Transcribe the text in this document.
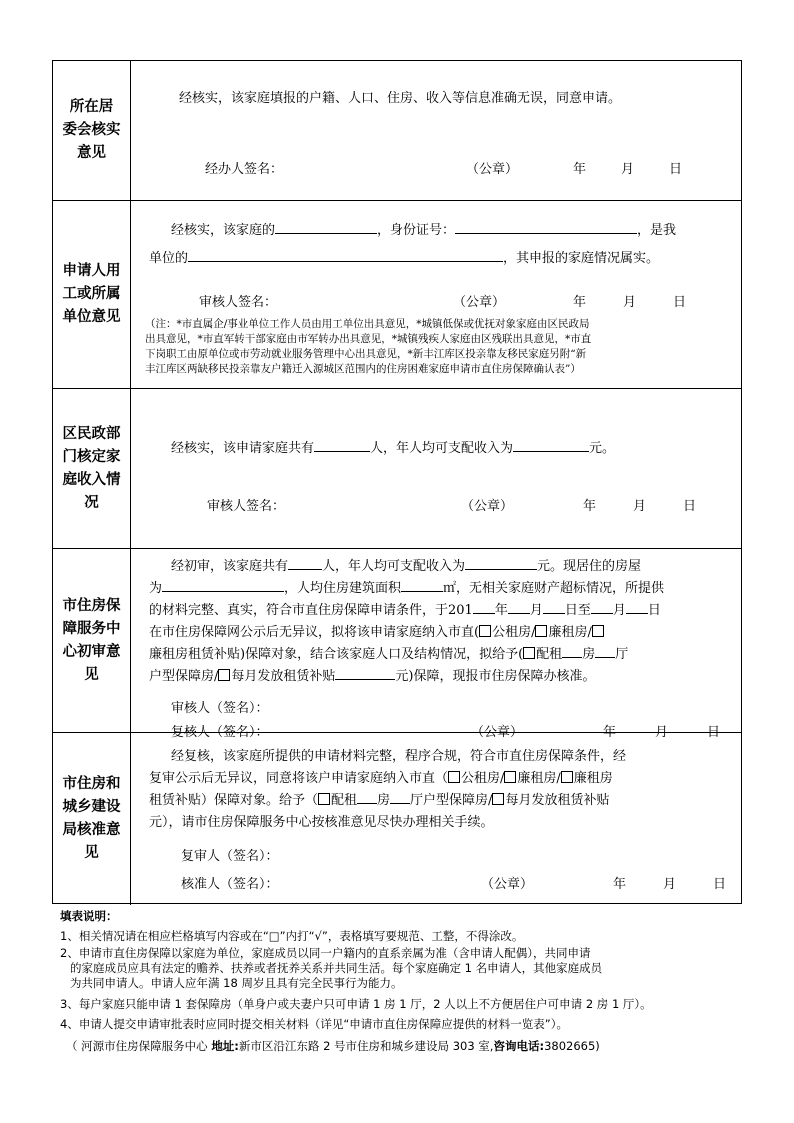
所在居
委会核实
意见
经核实，该家庭填报的户籍、人口、住房、收入等信息准确无误，同意申请。
经办人签名：	（公章）	年	月	日
申请人用
工或所属
单位意见
经核实，该家庭的	，身份证号：	，是我
单位的	，其申报的家庭情况属实。
审核人签名：	（公章）	年	月	日
（注：*市直属企/事业单位工作人员由用工单位出具意见，*城镇低保或优抚对象家庭由区民政局
出具意见，*市直军转干部家庭由市军转办出具意见，*城镇残疾人家庭由区残联出具意见，*市直
下岗职工由原单位或市劳动就业服务管理中心出具意见，*新丰江库区投亲靠友移民家庭另附“新
丰江库区两缺移民投亲靠友户籍迁入源城区范围内的住房困难家庭申请市直住房保障确认表”）
区民政部
门核定家
庭收入情
况
经核实，该申请家庭共有	人，年人均可支配收入为	元。
审核人签名：	（公章）	年	月	日
市住房保
障服务中
心初审意
见
经初审，该家庭共有	人，年人均可支配收入为	元。现居住的房屋
为	，人均住房建筑面积	㎡，无相关家庭财产超标情况，所提供
的材料完整、真实，符合市直住房保障申请条件，于201 年 月 日至 月 日
在市住房保障网公示后无异议，拟将该申请家庭纳入市直( 公租房/ 廉租房/
廉租房租赁补贴)保障对象，结合该家庭人口及结构情况，拟给予( 配租 房 厅
户型保障房/ 每月发放租赁补贴	元)保障，现报市住房保障办核准。
审核人（签名）：
复核人（签名）：	（公章）	年	月	日
市住房和
城乡建设
局核准意
见
经复核，该家庭所提供的申请材料完整，程序合规，符合市直住房保障条件，经
复审公示后无异议，同意将该户申请家庭纳入市直（ 公租房/ 廉租房/ 廉租房
租赁补贴）保障对象。给予（ 配租 房 厅户型保障房/ 每月发放租赁补贴
元），请市住房保障服务中心按核准意见尽快办理相关手续。
复审人（签名）：
核准人（签名）：	（公章）	年	月	日
填表说明：
1、相关情况请在相应栏格填写内容或在“□”内打“√”，表格填写要规范、工整，不得涂改。
2、申请市直住房保障以家庭为单位，家庭成员以同一户籍内的直系亲属为准（含申请人配偶），共同申请
的家庭成员应具有法定的赡养、扶养或者抚养关系并共同生活。每个家庭确定 1 名申请人，其他家庭成员
为共同申请人。申请人应年满 18 周岁且具有完全民事行为能力。
3、每户家庭只能申请 1 套保障房（单身户或夫妻户只可申请 1 房 1 厅，2 人以上不方便居住户可申请 2 房 1 厅）。
4、申请人提交申请审批表时应同时提交相关材料（详见“申请市直住房保障应提供的材料一览表”）。
（ 河源市住房保障服务中心 地址:新市区沿江东路 2 号市住房和城乡建设局 303 室,咨询电话:3802665)
